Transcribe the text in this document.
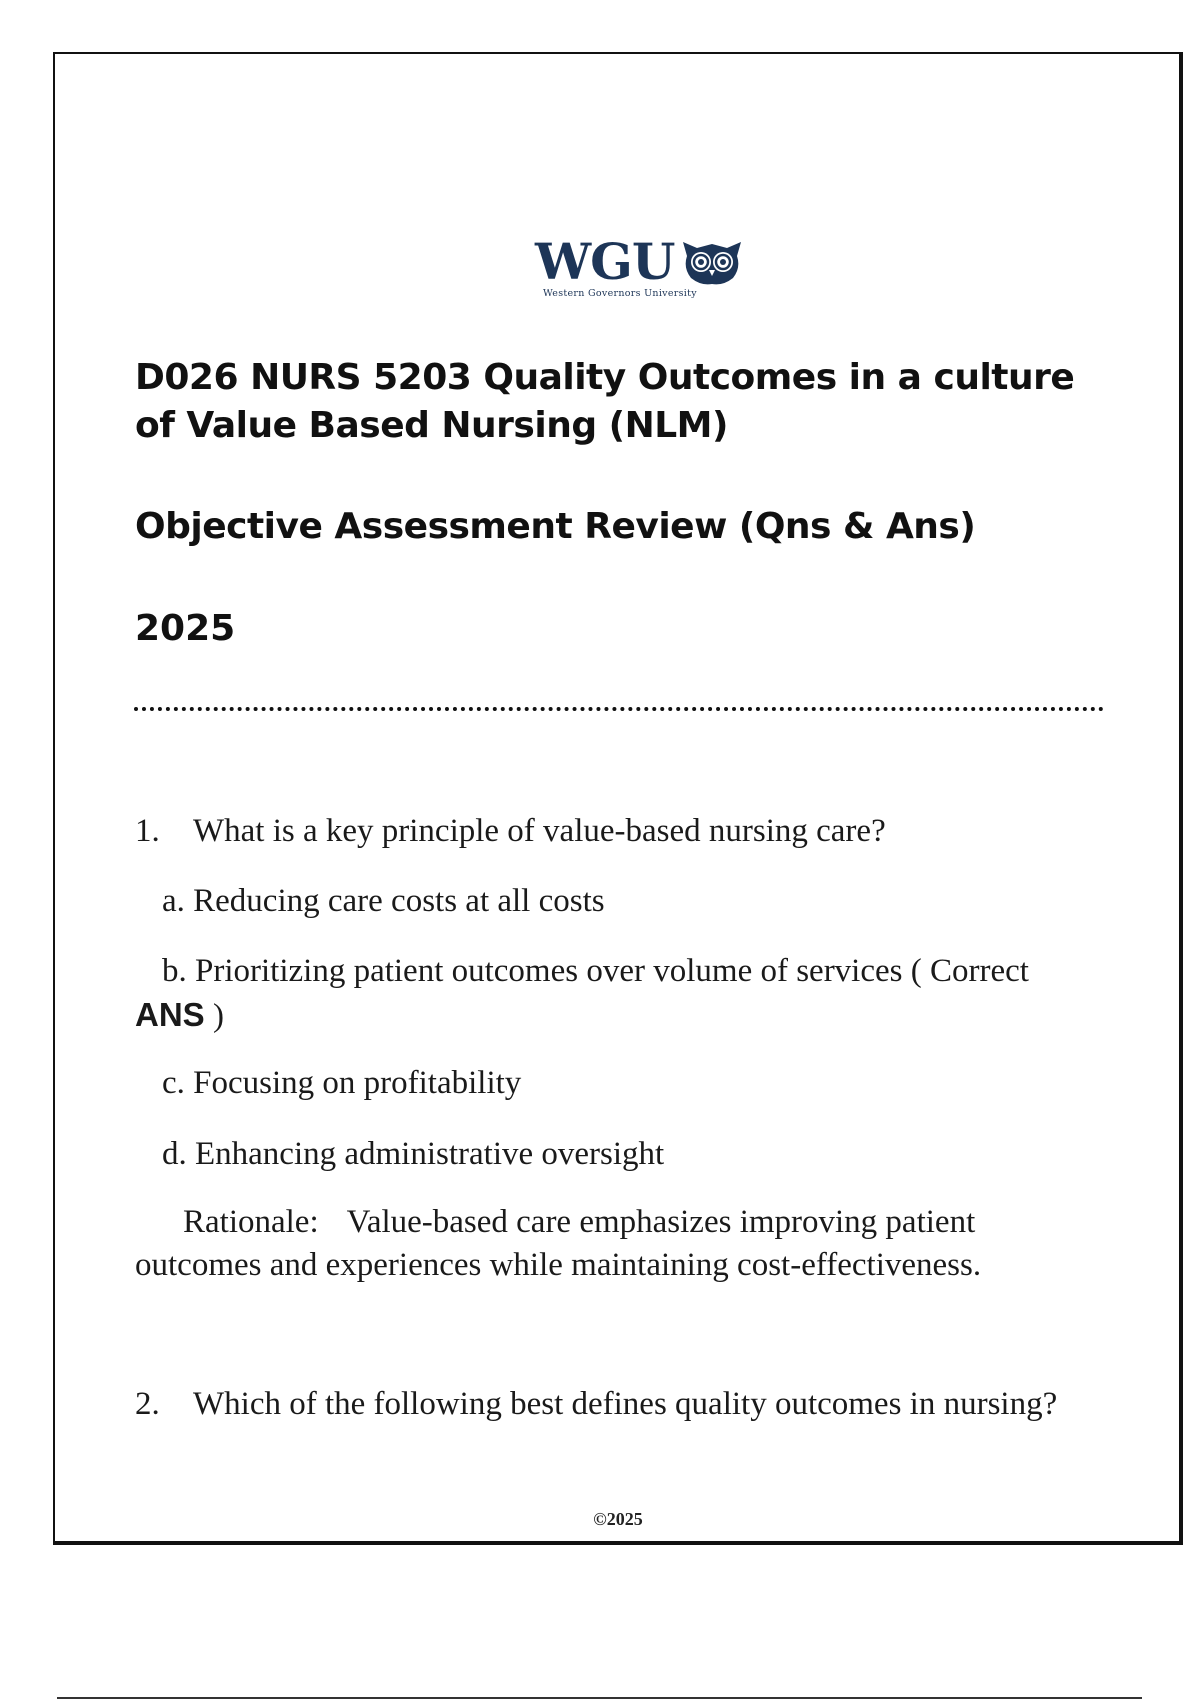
WGU
Western Governors University
D026 NURS 5203 Quality Outcomes in a culture of Value Based Nursing (NLM)
Objective Assessment Review (Qns & Ans)
2025

1. What is a key principle of value-based nursing care?

a. Reducing care costs at all costs

b. Prioritizing patient outcomes over volume of services ( Correct ANS )

c. Focusing on profitability

d. Enhancing administrative oversight

Rationale: Value-based care emphasizes improving patient outcomes and experiences while maintaining cost-effectiveness.

2. Which of the following best defines quality outcomes in nursing?

©2025
